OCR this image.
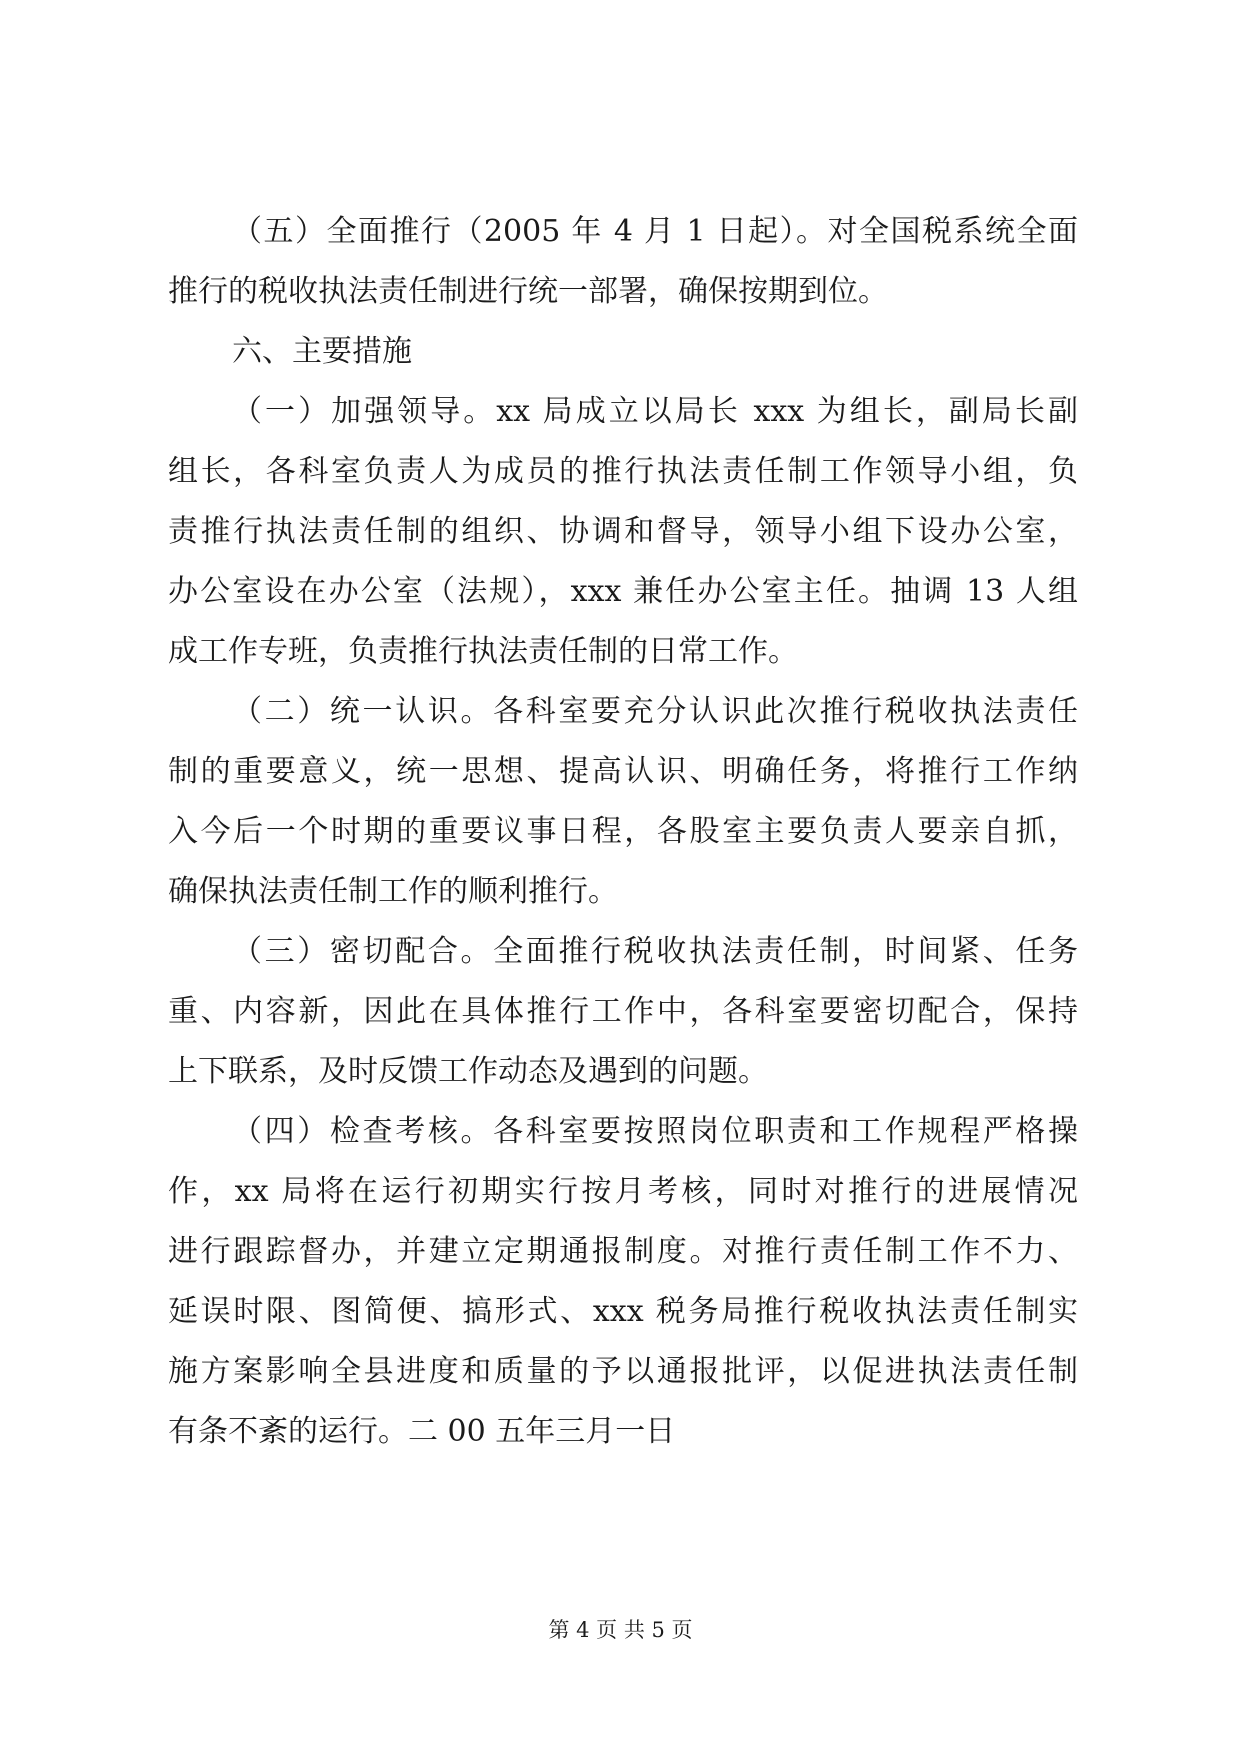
（五）全面推行（2005 年 4 月 1 日起）。对全国税系统全面
推行的税收执法责任制进行统一部署，确保按期到位。
六、主要措施
（一）加强领导。xx 局成立以局长 xxx 为组长，副局长副
组长，各科室负责人为成员的推行执法责任制工作领导小组，负
责推行执法责任制的组织、协调和督导，领导小组下设办公室，
办公室设在办公室（法规），xxx 兼任办公室主任。抽调 13 人组
成工作专班，负责推行执法责任制的日常工作。
（二）统一认识。各科室要充分认识此次推行税收执法责任
制的重要意义，统一思想、提高认识、明确任务，将推行工作纳
入今后一个时期的重要议事日程，各股室主要负责人要亲自抓，
确保执法责任制工作的顺利推行。
（三）密切配合。全面推行税收执法责任制，时间紧、任务
重、内容新，因此在具体推行工作中，各科室要密切配合，保持
上下联系，及时反馈工作动态及遇到的问题。
（四）检查考核。各科室要按照岗位职责和工作规程严格操
作，xx 局将在运行初期实行按月考核，同时对推行的进展情况
进行跟踪督办，并建立定期通报制度。对推行责任制工作不力、
延误时限、图简便、搞形式、xxx 税务局推行税收执法责任制实
施方案影响全县进度和质量的予以通报批评，以促进执法责任制
有条不紊的运行。二 00 五年三月一日
第 4 页 共 5 页
